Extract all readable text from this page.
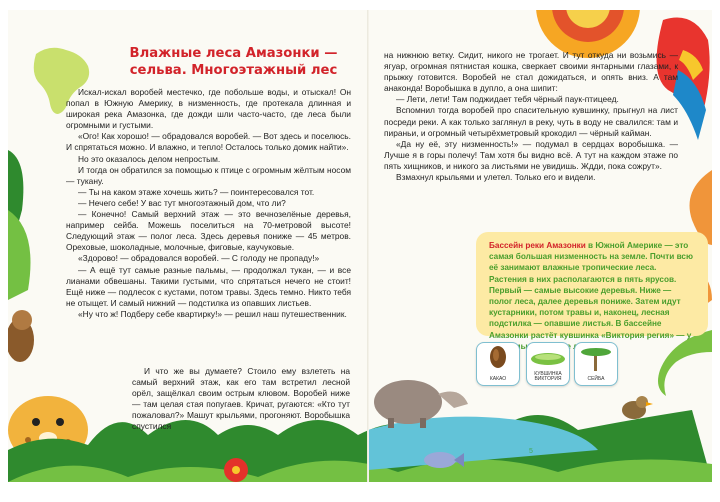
Влажные леса Амазонки — сельва. Многоэтажный лес

Искал-искал воробей местечко, где побольше воды, и отыскал! Он попал в Южную Америку, в низменность, где протекала длинная и широкая река Амазонка, где дожди шли часто-часто, где леса были огромными и густыми.

«Ого! Как хорошо! — обрадовался воробей. — Вот здесь и поселюсь. И спрятаться можно. И влажно, и тепло! Осталось только домик найти».

Но это оказалось делом непростым.

И тогда он обратился за помощью к птице с огромным жёлтым носом — тукану.

— Ты на каком этаже хочешь жить? — поинтересовался тот.

— Нечего себе! У вас тут многоэтажный дом, что ли?

— Конечно! Самый верхний этаж — это вечнозелёные деревья, например сейба. Можешь поселиться на 70-метровой высоте! Следующий этаж — полог леса. Здесь деревья пониже — 45 метров. Ореховые, шоколадные, молочные, фиговые, каучуковые.

«Здорово! — обрадовался воробей. — С голоду не пропаду!»

— А ещё тут самые разные пальмы, — продолжал тукан, — и все лианами обвешаны. Такими густыми, что спрятаться нечего не стоит! Ещё ниже — подлесок с кустами, потом травы. Здесь темно. Никто тебя не отыщет. И самый нижний — подстилка из опавших листьев.

«Ну что ж! Подберу себе квартирку!» — решил наш путешественник.

И что же вы думаете? Стоило ему взлететь на самый верхний этаж, как его там встретил лесной орёл, защёлкал своим острым клювом. Воробей ниже — там целая стая попугаев. Кричат, ругаются: «Кто тут пожаловал?» Машут крыльями, прогоняют. Воробышка спустился

на нижнюю ветку. Сидит, никого не трогает. И тут откуда ни возьмись — ягуар, огромная пятнистая кошка, сверкает своими янтарными глазами, к прыжку готовится. Воробей не стал дожидаться, и опять вниз. А там анаконда! Воробышка в дупло, а она шипит:

— Лети, лети! Там поджидает тебя чёрный паук-птицеед.

Вспомнил тогда воробей про спасительную кувшинку, прыгнул на лист посреди реки. А как только заглянул в реку, чуть в воду не свалился: там и пираньи, и огромный четырёхметровый крокодил — чёрный кайман.

«Да ну её, эту низменность!» — подумал в сердцах воробышка. — Лучше я в горы полечу! Там хотя бы видно всё. А тут на каждом этаже по пять хищников, и никого за листьями не увидишь. Ждди, пока сожрут».

Взмахнул крыльями и улетел. Только его и видели.

Бассейн реки Амазонки в Южной Америке — это самая большая низменность на земле. Почти всю её занимают влажные тропические леса. Растения в них располагаются в пять ярусов. Первый — самые высокие деревья. Ниже — полог леса, далее деревья пониже. Затем идут кустарники, потом травы и, наконец, лесная подстилка — опавшие листья. В бассейне Амазонки растёт кувшинка «Виктория регия» — у
КАКАО
КУВШИНКА ВИКТОРИЯ	СЕЙБА
5
